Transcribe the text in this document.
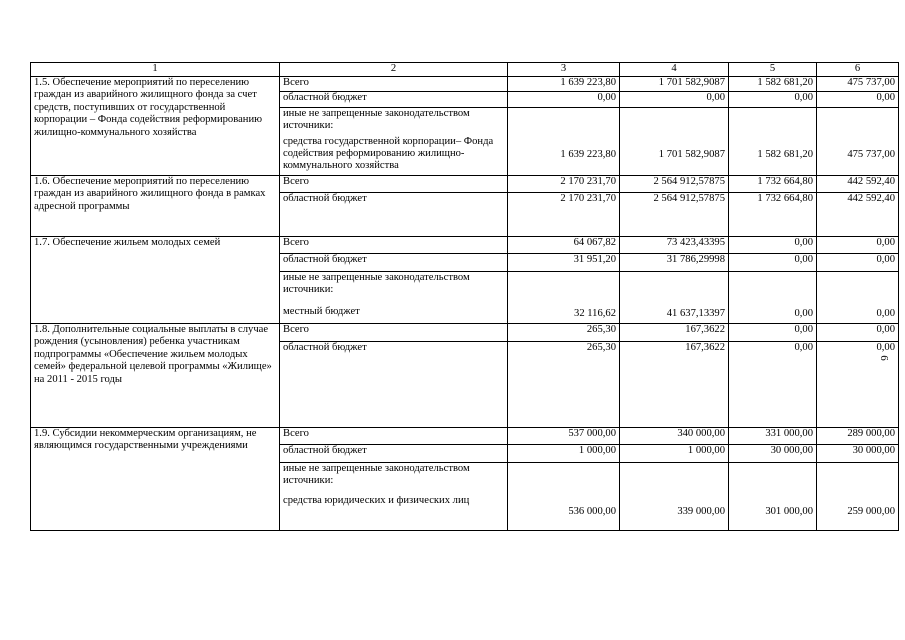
1	2	3	4	5	6
1.5. Обеспечение мероприятий по переселению граждан из аварийного жилищного фонда за счет средств, поступивших от государственной корпорации – Фонда содействия реформированию жилищно-коммунального хозяйства	Всего	1 639 223,80	1 701 582,9087	1 582 681,20	475 737,00
	областной бюджет	0,00	0,00	0,00	0,00
	иные не запрещенные законодательством источники:				
	средства государственной корпорации– Фонда содействия реформированию жилищно-коммунального хозяйства	1 639 223,80	1 701 582,9087	1 582 681,20	475 737,00
1.6. Обеспечение мероприятий по переселению граждан из аварийного жилищного фонда в рамках адресной программы	Всего	2 170 231,70	2 564 912,57875	1 732 664,80	442 592,40
	областной бюджет	2 170 231,70	2 564 912,57875	1 732 664,80	442 592,40
1.7. Обеспечение жильем молодых семей	Всего	64 067,82	73 423,43395	0,00	0,00
	областной бюджет	31 951,20	31 786,29998	0,00	0,00
	иные не запрещенные законодательством источники:				
	местный бюджет	32 116,62	41 637,13397	0,00	0,00
1.8. Дополнительные социальные выплаты в случае рождения (усыновления) ребенка участникам подпрограммы «Обеспечение жильем молодых семей» федеральной целевой программы «Жилище» на 2011 - 2015 годы	Всего	265,30	167,3622	0,00	0,00
	областной бюджет	265,30	167,3622	0,00	0,00
1.9. Субсидии некоммерческим организациям, не являющимся государственными учреждениями	Всего	537 000,00	340 000,00	331 000,00	289 000,00
	областной бюджет	1 000,00	1 000,00	30 000,00	30 000,00
	иные не запрещенные законодательством источники:				
	средства юридических и физических лиц	536 000,00	339 000,00	301 000,00	259 000,00
6
